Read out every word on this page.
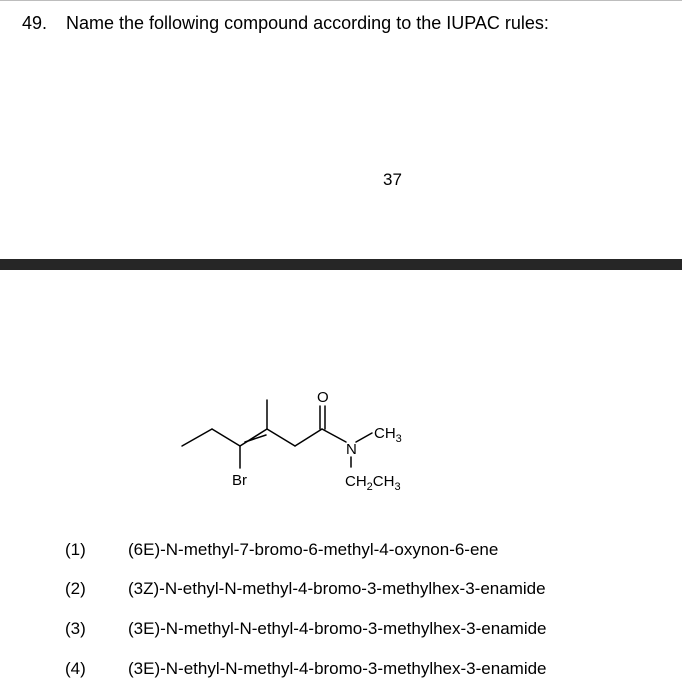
49. Name the following compound according to the IUPAC rules:
37
O
N
Br
$CH_3$
$CH_2CH_3$
(1) (6E)-N-methyl-7-bromo-6-methyl-4-oxynon-6-ene
(2) (3Z)-N-ethyl-N-methyl-4-bromo-3-methylhex-3-enamide
(3) (3E)-N-methyl-N-ethyl-4-bromo-3-methylhex-3-enamide
(4) (3E)-N-ethyl-N-methyl-4-bromo-3-methylhex-3-enamide
